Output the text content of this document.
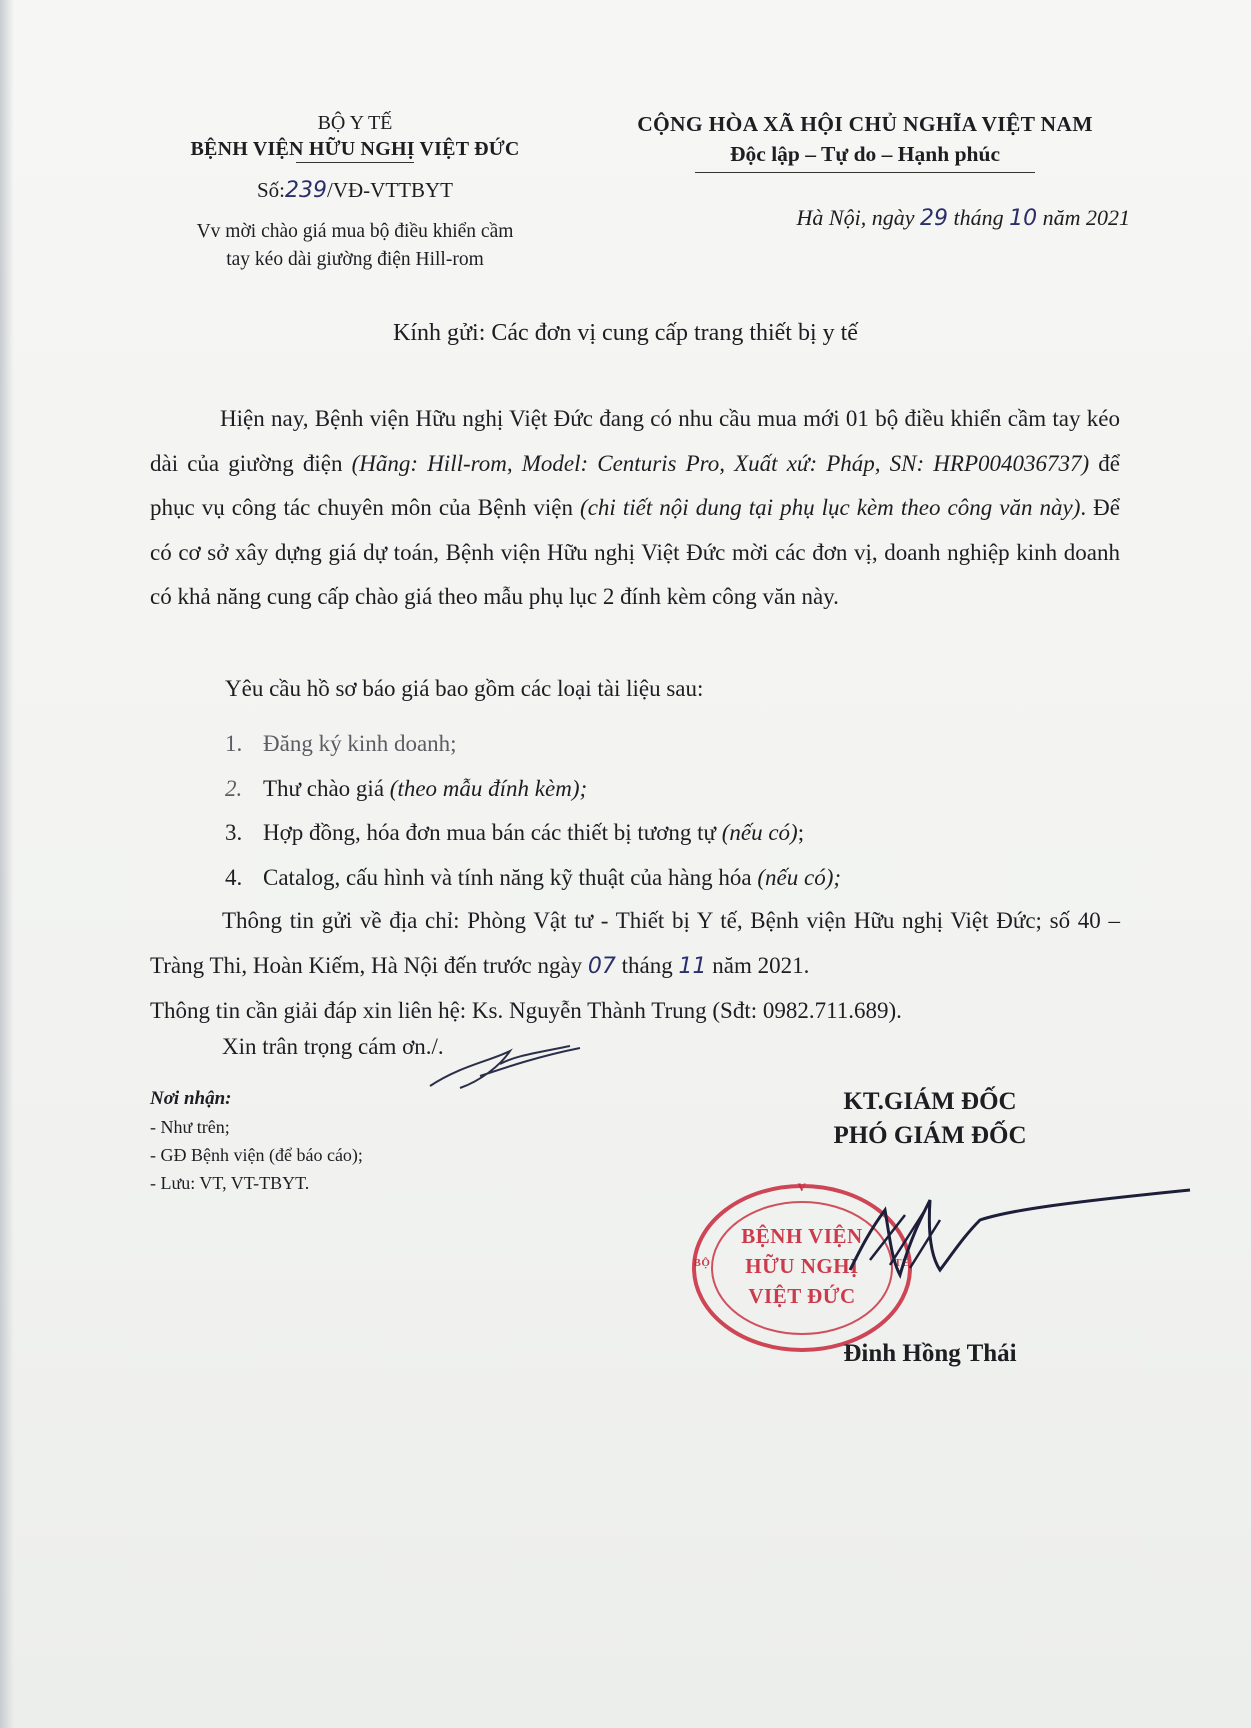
BỘ Y TẾ
BỆNH VIỆN HỮU NGHỊ VIỆT ĐỨC
Số:239/VĐ-VTTBYT
Vv mời chào giá mua bộ điều khiển cầm
tay kéo dài giường điện Hill-rom
CỘNG HÒA XÃ HỘI CHỦ NGHĨA VIỆT NAM
Độc lập – Tự do – Hạnh phúc
Hà Nội, ngày 29 tháng 10 năm 2021
Kính gửi: Các đơn vị cung cấp trang thiết bị y tế
Hiện nay, Bệnh viện Hữu nghị Việt Đức đang có nhu cầu mua mới 01 bộ điều khiển cầm tay kéo dài của giường điện (Hãng: Hill-rom, Model: Centuris Pro, Xuất xứ: Pháp, SN: HRP004036737) để phục vụ công tác chuyên môn của Bệnh viện (chi tiết nội dung tại phụ lục kèm theo công văn này). Để có cơ sở xây dựng giá dự toán, Bệnh viện Hữu nghị Việt Đức mời các đơn vị, doanh nghiệp kinh doanh có khả năng cung cấp chào giá theo mẫu phụ lục 2 đính kèm công văn này.
Yêu cầu hồ sơ báo giá bao gồm các loại tài liệu sau:
1. Đăng ký kinh doanh;
2. Thư chào giá (theo mẫu đính kèm);
3. Hợp đồng, hóa đơn mua bán các thiết bị tương tự (nếu có);
4. Catalog, cấu hình và tính năng kỹ thuật của hàng hóa (nếu có);
Thông tin gửi về địa chỉ: Phòng Vật tư - Thiết bị Y tế, Bệnh viện Hữu nghị Việt Đức; số 40 – Tràng Thi, Hoàn Kiếm, Hà Nội đến trước ngày 07 tháng 11 năm 2021.
Thông tin cần giải đáp xin liên hệ: Ks. Nguyễn Thành Trung (Sđt: 0982.711.689).
Xin trân trọng cám ơn./.
Nơi nhận:
- Như trên;
- GĐ Bệnh viện (để báo cáo);
- Lưu: VT, VT-TBYT.
KT.GIÁM ĐỐC
PHÓ GIÁM ĐỐC
V
BỘ	TẾ
BỆNH VIỆN
HỮU NGHỊ
VIỆT ĐỨC
Đinh Hồng Thái
